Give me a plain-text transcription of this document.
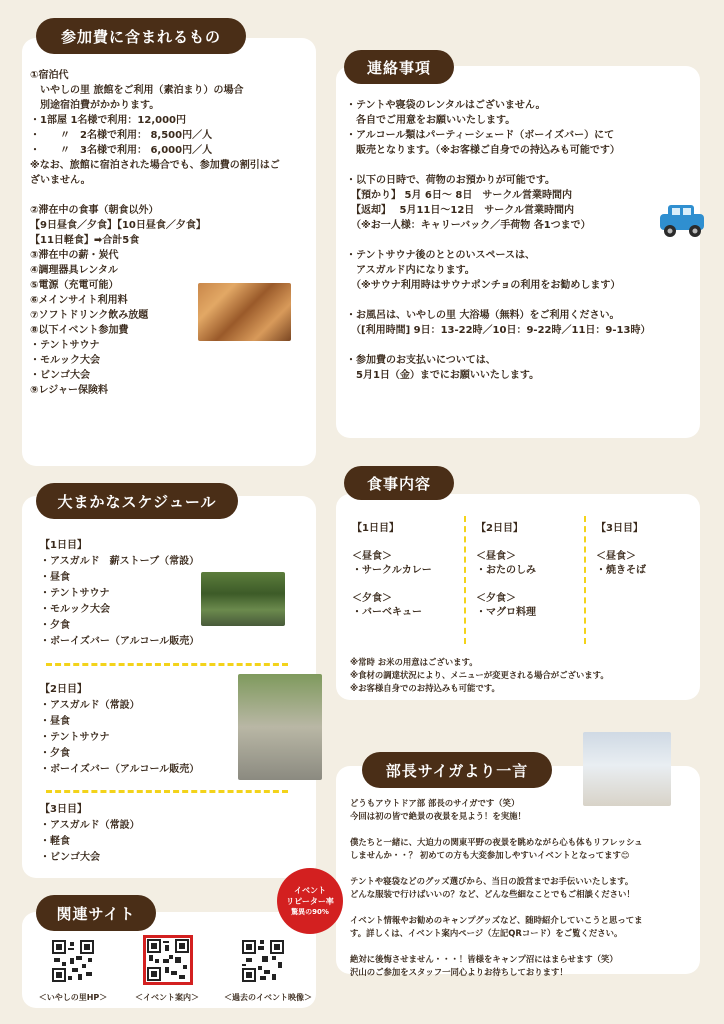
参加費に含まれるもの
①宿泊代
　いやしの里 旅館をご利用（素泊まり）の場合
　別途宿泊費がかかります。
・1部屋 1名様で利用：12,000円
・　　〃　2名様で利用： 8,500円／人
・　　〃　3名様で利用： 6,000円／人
※なお、旅館に宿泊された場合でも、参加費の割引はご
ざいません。

②滞在中の食事（朝食以外）
【9日昼食／夕食】【10日昼食／夕食】
【11日軽食】➡合計5食
③滞在中の薪・炭代
④調理器具レンタル
⑤電源（充電可能）
⑥メインサイト利用料
⑦ソフトドリンク飲み放題
⑧以下イベント参加費
・テントサウナ
・モルック大会
・ビンゴ大会
⑨レジャー保険料
連絡事項
・テントや寝袋のレンタルはございません。
　各自でご用意をお願いいたします。
・アルコール類はパーティーシェード（ボーイズバー）にて
　販売となります。（※お客様ご自身での持込みも可能です）

・以下の日時で、荷物のお預かりが可能です。
　【預かり】 5月 6日～ 8日　サークル営業時間内
　【返却】　 5月11日～12日　サークル営業時間内
　（※お一人様：キャリーバック／手荷物 各1つまで）

・テントサウナ後のととのいスペースは、
　アスガルド内になります。
　（※サウナ利用時はサウナポンチョの利用をお勧めします）

・お風呂は、いやしの里 大浴場（無料）をご利用ください。
　（[利用時間] 9日：13-22時／10日：9-22時／11日：9-13時）

・参加費のお支払いについては、
　5月1日（金）までにお願いいたします。
大まかなスケジュール
【1日目】
・アスガルド　薪ストーブ（常設）
・昼食
・テントサウナ
・モルック大会
・夕食
・ボーイズバー（アルコール販売）
【2日目】
・アスガルド（常設）
・昼食
・テントサウナ
・夕食
・ボーイズバー（アルコール販売）
【3日目】
・アスガルド（常設）
・軽食
・ビンゴ大会
食事内容
【1日目】

＜昼食＞
・サークルカレー

＜夕食＞
・バーベキュー
【2日目】

＜昼食＞
・おたのしみ

＜夕食＞
・マグロ料理
【3日目】

＜昼食＞
・焼きそば
※常時 お米の用意はございます。
※食材の調達状況により、メニューが変更される場合がございます。
※お客様自身でのお持込みも可能です。
部長サイガより一言
どうもアウトドア部 部長のサイガです（笑）
今回は初の皆で絶景の夜景を見よう！を実施！

僕たちと一緒に、大迫力の関東平野の夜景を眺めながら心も体もリフレッシュ
しませんか・・？ 初めての方も大変参加しやすいイベントとなってます😊

テントや寝袋などのグッズ選びから、当日の設営までお手伝いいたします。
どんな服装で行けばいいの？など、どんな些細なことでもご相談ください！

イベント情報やお勧めのキャンプグッズなど、随時紹介していこうと思ってま
す。詳しくは、イベント案内ページ（左記QRコード）をご覧ください。

絶対に後悔させません・・・！皆様をキャンプ沼にはまらせます（笑）
沢山のご参加をスタッフ一同心よりお待ちしております！
関連サイト
イベント
リピーター率
驚異の90%
＜いやしの里HP＞	＜イベント案内＞	＜過去のイベント映像＞
